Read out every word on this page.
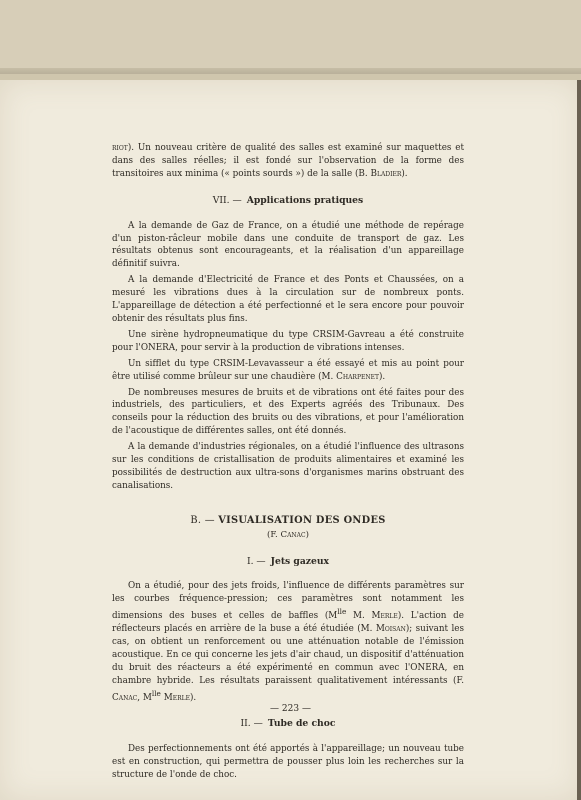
riot). Un nouveau critère de qualité des salles est examiné sur maquettes et dans des salles réelles; il est fondé sur l'observation de la forme des transitoires aux minima (« points sourds ») de la salle (B. Bladier).

VII. — Applications pratiques

A la demande de Gaz de France, on a étudié une méthode de repérage d'un piston-râcleur mobile dans une conduite de transport de gaz. Les résultats obtenus sont encourageants, et la réalisation d'un appareillage définitif suivra.

A la demande d'Electricité de France et des Ponts et Chaussées, on a mesuré les vibrations dues à la circulation sur de nombreux ponts. L'appareillage de détection a été perfectionné et le sera encore pour pouvoir obtenir des résultats plus fins.

Une sirène hydropneumatique du type CRSIM-Gavreau a été construite pour l'ONERA, pour servir à la production de vibrations intenses.

Un sifflet du type CRSIM-Levavasseur a été essayé et mis au point pour être utilisé comme brûleur sur une chaudière (M. Charpenet).

De nombreuses mesures de bruits et de vibrations ont été faites pour des industriels, des particuliers, et des Experts agréés des Tribunaux. Des conseils pour la réduction des bruits ou des vibrations, et pour l'amélioration de l'acoustique de différentes salles, ont été donnés.

A la demande d'industries régionales, on a étudié l'influence des ultrasons sur les conditions de cristallisation de produits alimentaires et examiné les possibilités de destruction aux ultra-sons d'organismes marins obstruant des canalisations.

B. — VISUALISATION DES ONDES
(F. Canac)
I. — Jets gazeux

On a étudié, pour des jets froids, l'influence de différents paramètres sur les courbes fréquence-pression; ces paramètres sont notamment les dimensions des buses et celles de baffles ($M^{lle}$ M. Merle). L'action de réflecteurs placés en arrière de la buse a été étudiée (M. Moisan); suivant les cas, on obtient un renforcement ou une atténuation notable de l'émission acoustique. En ce qui concerne les jets d'air chaud, un dispositif d'atténuation du bruit des réacteurs a été expérimenté en commun avec l'ONERA, en chambre hybride. Les résultats paraissent qualitativement intéressants (F. Canac, $M^{lle}$ Merle).

II. — Tube de choc

Des perfectionnements ont été apportés à l'appareillage; un nouveau tube est en construction, qui permettra de pousser plus loin les recherches sur la structure de l'onde de choc.

— 223 —
